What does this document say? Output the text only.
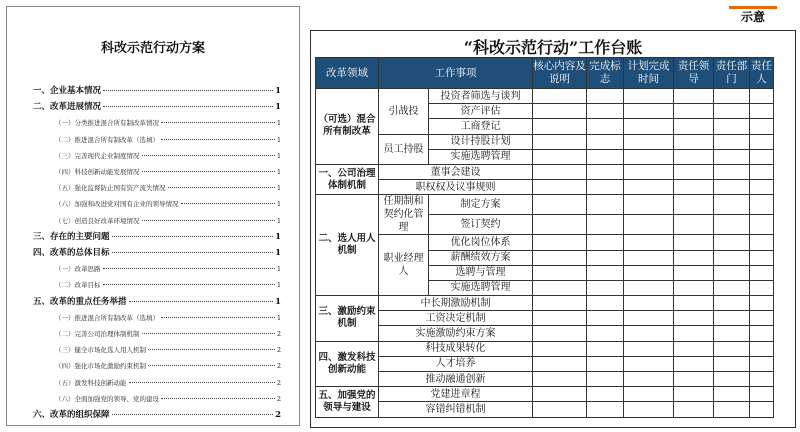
科改示范行动方案
一、企业基本情况	1
二、改革进展情况	1
（一）分类推进混合所有制改革情况	1
（二）推进混合所有制改革（选填）	1
（三）完善现代企业制度情况	1
（四）科技创新动能发展情况	1
（五）强化监督防止国有资产流失情况	1
（六）加强和改进党对国有企业的领导情况	1
（七）创造良好改革环境情况	1
三、存在的主要问题	1
四、改革的总体目标	1
（一）改革思路	1
（二）改革目标	1
五、改革的重点任务举措	1
（一）推进混合所有制改革（选填）	1
（二）完善公司治理体制机制	2
（三）健全市场化选人用人机制	2
（四）强化市场化激励约束机制	2
（五）激发科技创新动能	2
（六）全面加强党的领导、党的建设	2
六、改革的组织保障	2
示意
“科改示范行动”工作台账
改革领域	工作事项		核心内容及说明	完成标志	计划完成时间	责任领导	责任部门	责任人
（可选）混合所有制改革	引战投	投资者筛选与谈判						
		资产评估						
		工商登记						
	员工持股	设计持股计划						
		实施选聘管理						
一、公司治理体制机制	董事会建设							
	职权权及议事规则							
二、选人用人机制	任期制和契约化管理	制定方案						
		签订契约						
	职业经理人	优化岗位体系						
		薪酬绩效方案						
		选聘与管理						
		实施选聘管理						
三、激励约束机制	中长期激励机制							
	工资决定机制							
	实施激励约束方案							
四、激发科技创新动能	科技成果转化							
	人才培养							
	推动融通创新							
五、加强党的领导与建设	党建进章程							
	容错纠错机制							
